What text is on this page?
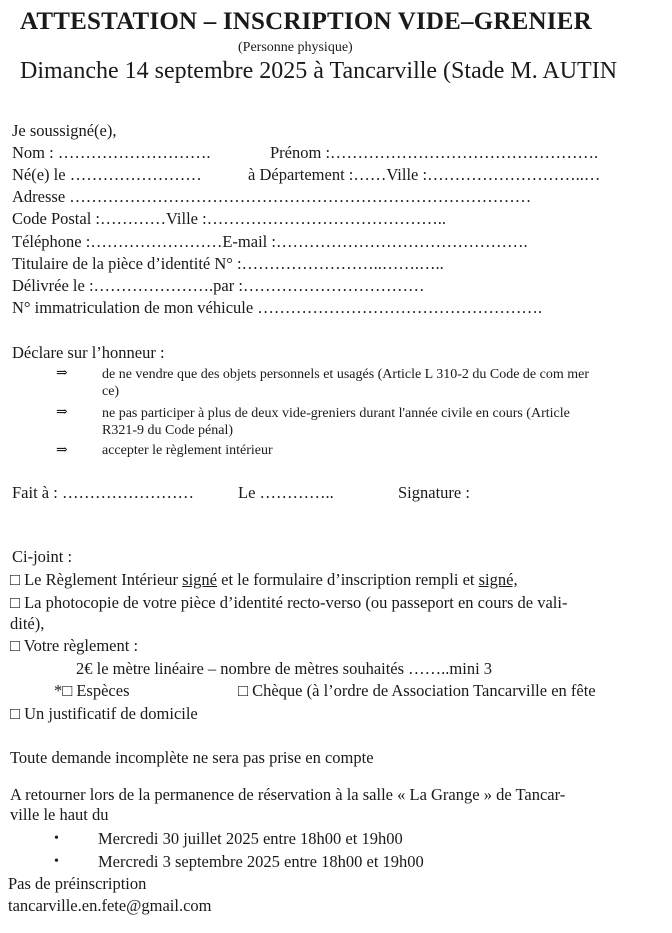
ATTESTATION – INSCRIPTION VIDE–GRENIER
(Personne physique)
Dimanche 14 septembre 2025 à Tancarville (Stade M. AUTIN
Je soussigné(e),
Nom : ……………………….	Prénom :………………………………………….
Né(e) le ……………………	à Département :……Ville :………………………..…
Adresse …………………………………………………………………………
Code Postal :…………Ville :……………………………………..
Téléphone :……………………E-mail :……………………………………….
Titulaire de la pièce d’identité N° :……………………..…….…..
Délivrée le :………………….par :……………………………
N° immatriculation de mon véhicule …………………………………………….
Déclare sur l’honneur :
⇒ de ne vendre que des objets personnels et usagés (Article L 310-2 du Code de com mer
ce)
⇒ ne pas participer à plus de deux vide-greniers durant l'année civile en cours (Article
R321-9 du Code pénal)
⇒ accepter le règlement intérieur
Fait à : ……………………	Le …………..	Signature :
Ci-joint :
□ Le Règlement Intérieur signé et le formulaire d’inscription rempli et signé,
□ La photocopie de votre pièce d’identité recto-verso (ou passeport en cours de vali-
dité),
□ Votre règlement :
2€ le mètre linéaire – nombre de mètres souhaités ……..mini 3
*□ Espèces	□ Chèque (à l’ordre de Association Tancarville en fête
□ Un justificatif de domicile
Toute demande incomplète ne sera pas prise en compte
A retourner lors de la permanence de réservation à la salle « La Grange » de Tancar-
ville le haut du
• Mercredi 30 juillet 2025 entre 18h00 et 19h00
• Mercredi 3 septembre 2025 entre 18h00 et 19h00
Pas de préinscription
tancarville.en.fete@gmail.com
